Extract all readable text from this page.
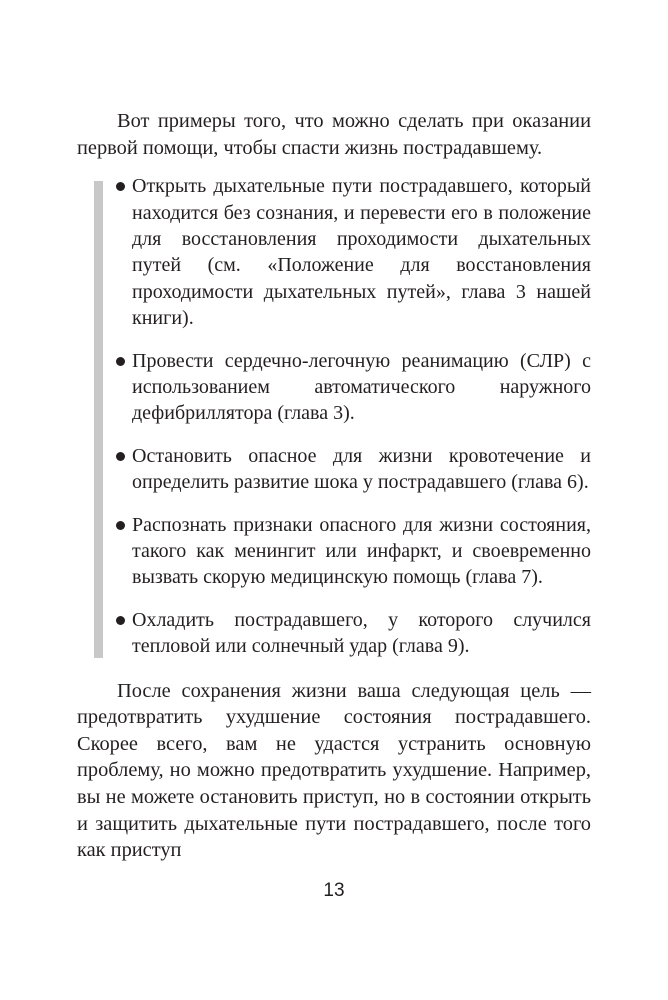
Вот примеры того, что можно сделать при оказании первой помощи, чтобы спасти жизнь пострадавшему.

Открыть дыхательные пути пострадавшего, который находится без сознания, и перевести его в положение для восстановления проходимости дыхательных путей (см. «Положение для восстановления проходимости дыхательных путей», глава 3 нашей книги).
Провести сердечно-легочную реанимацию (СЛР) с использованием автоматического наружного дефибриллятора (глава 3).
Остановить опасное для жизни кровотечение и определить развитие шока у пострадавшего (глава 6).
Распознать признаки опасного для жизни состояния, такого как менингит или инфаркт, и своевременно вызвать скорую медицинскую помощь (глава 7).
Охладить пострадавшего, у которого случился тепловой или солнечный удар (глава 9).

После сохранения жизни ваша следующая цель — предотвратить ухудшение состояния пострадавшего. Скорее всего, вам не удастся устранить основную проблему, но можно предотвратить ухудшение. Например, вы не можете остановить приступ, но в состоянии открыть и защитить дыхательные пути пострадавшего, после того как приступ

13
